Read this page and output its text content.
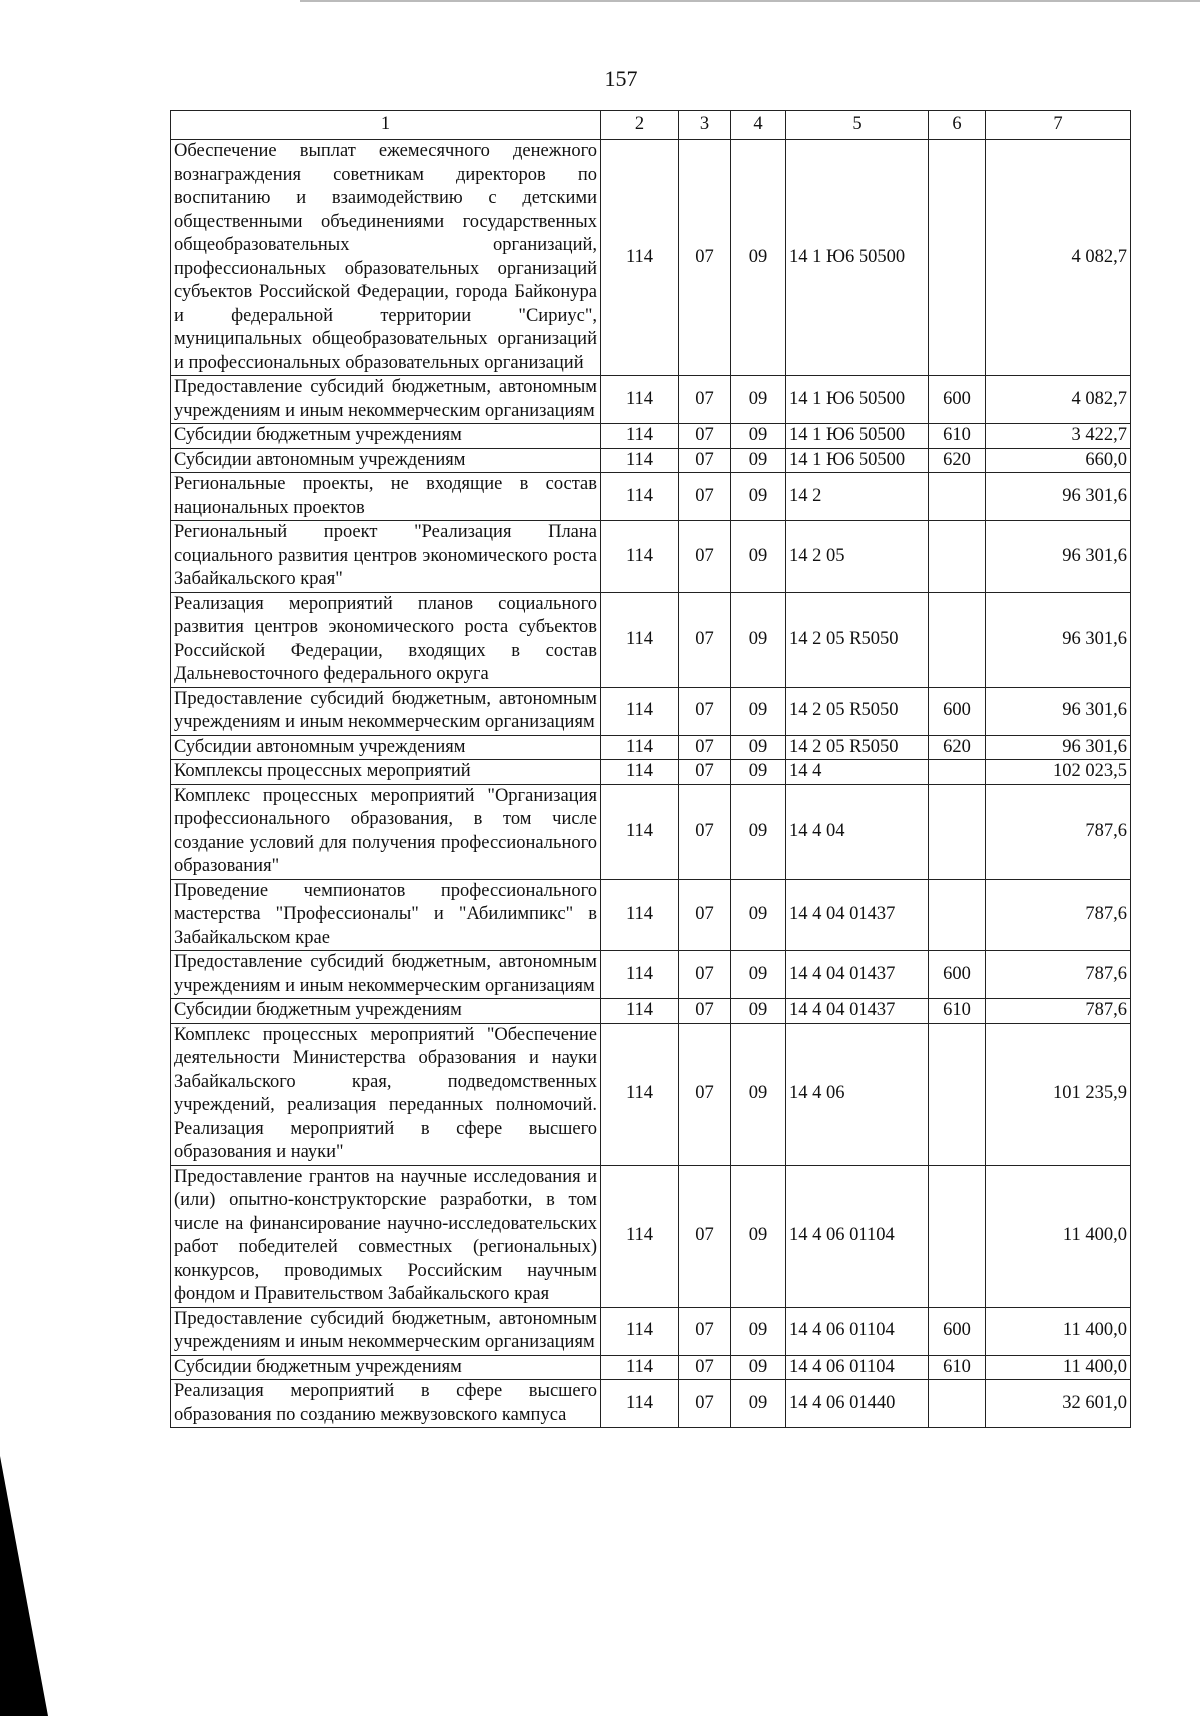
157
1	2	3	4	5	6	7
Обеспечение выплат ежемесячного денежного вознаграждения советникам директоров по воспитанию и взаимодействию с детскими общественными объединениями государственных общеобразовательных организаций, профессиональных образовательных организаций субъектов Российской Федерации, города Байконура и федеральной территории "Сириус", муниципальных общеобразовательных организаций и профессиональных образовательных организаций	114	07	09	14 1 Ю6 50500		4 082,7
Предоставление субсидий бюджетным, автономным учреждениям и иным некоммерческим организациям	114	07	09	14 1 Ю6 50500	600	4 082,7
Субсидии бюджетным учреждениям	114	07	09	14 1 Ю6 50500	610	3 422,7
Субсидии автономным учреждениям	114	07	09	14 1 Ю6 50500	620	660,0
Региональные проекты, не входящие в состав национальных проектов	114	07	09	14 2		96 301,6
Региональный проект "Реализация Плана социального развития центров экономического роста Забайкальского края"	114	07	09	14 2 05		96 301,6
Реализация мероприятий планов социального развития центров экономического роста субъектов Российской Федерации, входящих в состав Дальневосточного федерального округа	114	07	09	14 2 05 R5050		96 301,6
Предоставление субсидий бюджетным, автономным учреждениям и иным некоммерческим организациям	114	07	09	14 2 05 R5050	600	96 301,6
Субсидии автономным учреждениям	114	07	09	14 2 05 R5050	620	96 301,6
Комплексы процессных мероприятий	114	07	09	14 4		102 023,5
Комплекс процессных мероприятий "Организация профессионального образования, в том числе создание условий для получения профессионального образования"	114	07	09	14 4 04		787,6
Проведение чемпионатов профессионального мастерства "Профессионалы" и "Абилимпикс" в Забайкальском крае	114	07	09	14 4 04 01437		787,6
Предоставление субсидий бюджетным, автономным учреждениям и иным некоммерческим организациям	114	07	09	14 4 04 01437	600	787,6
Субсидии бюджетным учреждениям	114	07	09	14 4 04 01437	610	787,6
Комплекс процессных мероприятий "Обеспечение деятельности Министерства образования и науки Забайкальского края, подведомственных учреждений, реализация переданных полномочий. Реализация мероприятий в сфере высшего образования и науки"	114	07	09	14 4 06		101 235,9
Предоставление грантов на научные исследования и (или) опытно-конструкторские разработки, в том числе на финансирование научно-исследовательских работ победителей совместных (региональных) конкурсов, проводимых Российским научным фондом и Правительством Забайкальского края	114	07	09	14 4 06 01104		11 400,0
Предоставление субсидий бюджетным, автономным учреждениям и иным некоммерческим организациям	114	07	09	14 4 06 01104	600	11 400,0
Субсидии бюджетным учреждениям	114	07	09	14 4 06 01104	610	11 400,0
Реализация мероприятий в сфере высшего образования по созданию межвузовского кампуса	114	07	09	14 4 06 01440		32 601,0
